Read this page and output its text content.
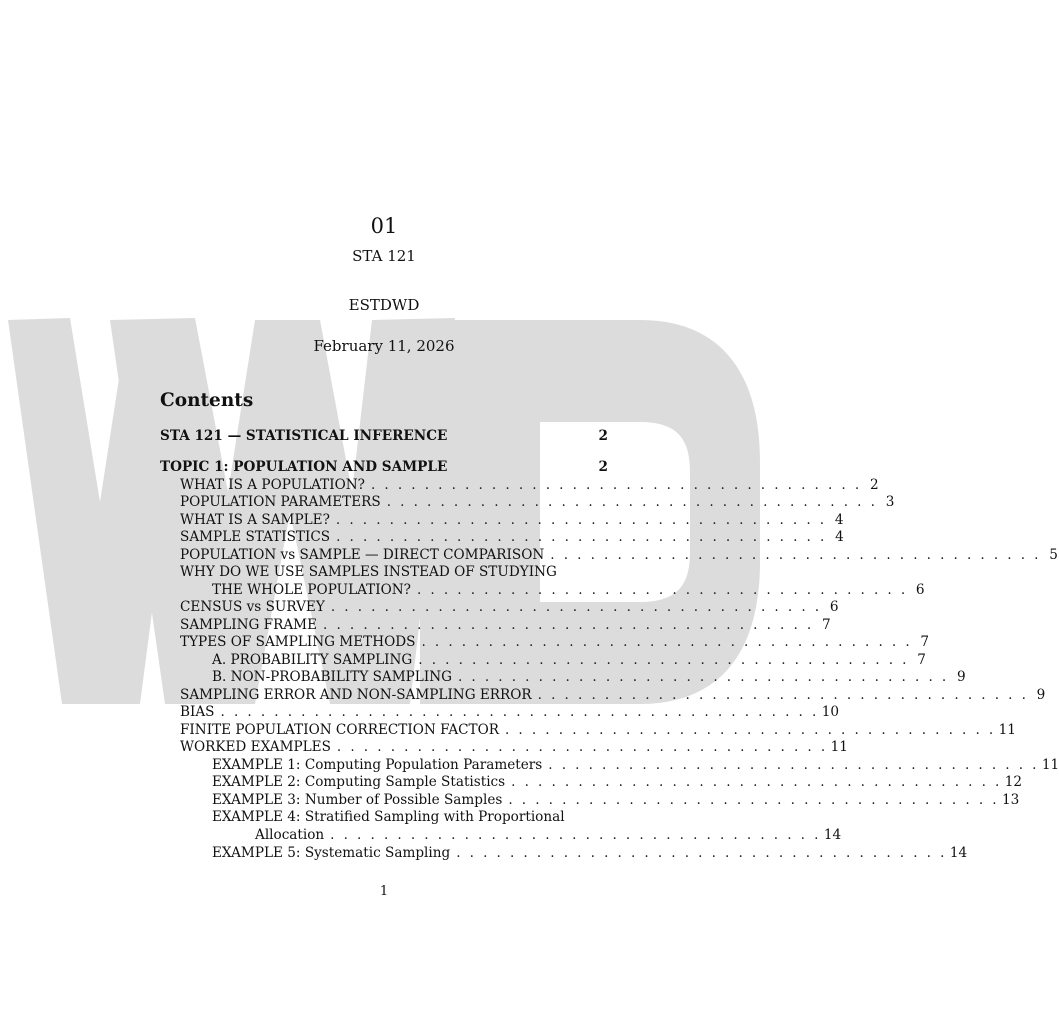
01
STA 121
ESTDWD
February 11, 2026
Contents
STA 121 — STATISTICAL INFERENCE	2
TOPIC 1: POPULATION AND SAMPLE	2
WHAT IS A POPULATION? . . . . . . . . . . . . . . . . . . . . . . . . . . . . . . . . . . . . . 2
POPULATION PARAMETERS . . . . . . . . . . . . . . . . . . . . . . . . . . . . . . . . . . . . . 3
WHAT IS A SAMPLE? . . . . . . . . . . . . . . . . . . . . . . . . . . . . . . . . . . . . . 4
SAMPLE STATISTICS . . . . . . . . . . . . . . . . . . . . . . . . . . . . . . . . . . . . . 4
POPULATION vs SAMPLE — DIRECT COMPARISON . . . . . . . . . . . . . . . . . . . . . . . . . . . . . . . . . . . . . 5
WHY DO WE USE SAMPLES INSTEAD OF STUDYING
THE WHOLE POPULATION? . . . . . . . . . . . . . . . . . . . . . . . . . . . . . . . . . . . . . 6
CENSUS vs SURVEY . . . . . . . . . . . . . . . . . . . . . . . . . . . . . . . . . . . . . 6
SAMPLING FRAME . . . . . . . . . . . . . . . . . . . . . . . . . . . . . . . . . . . . . 7
TYPES OF SAMPLING METHODS . . . . . . . . . . . . . . . . . . . . . . . . . . . . . . . . . . . . . 7
A. PROBABILITY SAMPLING . . . . . . . . . . . . . . . . . . . . . . . . . . . . . . . . . . . . . 7
B. NON-PROBABILITY SAMPLING . . . . . . . . . . . . . . . . . . . . . . . . . . . . . . . . . . . . . 9
SAMPLING ERROR AND NON-SAMPLING ERROR . . . . . . . . . . . . . . . . . . . . . . . . . . . . . . . . . . . . . 9
BIAS . . . . . . . . . . . . . . . . . . . . . . . . . . . . . . . . . . . . . . . . . . . . . 10
FINITE POPULATION CORRECTION FACTOR . . . . . . . . . . . . . . . . . . . . . . . . . . . . . . . . . . . . . 11
WORKED EXAMPLES . . . . . . . . . . . . . . . . . . . . . . . . . . . . . . . . . . . . . 11
EXAMPLE 1: Computing Population Parameters . . . . . . . . . . . . . . . . . . . . . . . . . . . . . . . . . . . . . 11
EXAMPLE 2: Computing Sample Statistics . . . . . . . . . . . . . . . . . . . . . . . . . . . . . . . . . . . . . 12
EXAMPLE 3: Number of Possible Samples . . . . . . . . . . . . . . . . . . . . . . . . . . . . . . . . . . . . . 13
EXAMPLE 4: Stratified Sampling with Proportional
Allocation . . . . . . . . . . . . . . . . . . . . . . . . . . . . . . . . . . . . . 14
EXAMPLE 5: Systematic Sampling . . . . . . . . . . . . . . . . . . . . . . . . . . . . . . . . . . . . . 14
1
